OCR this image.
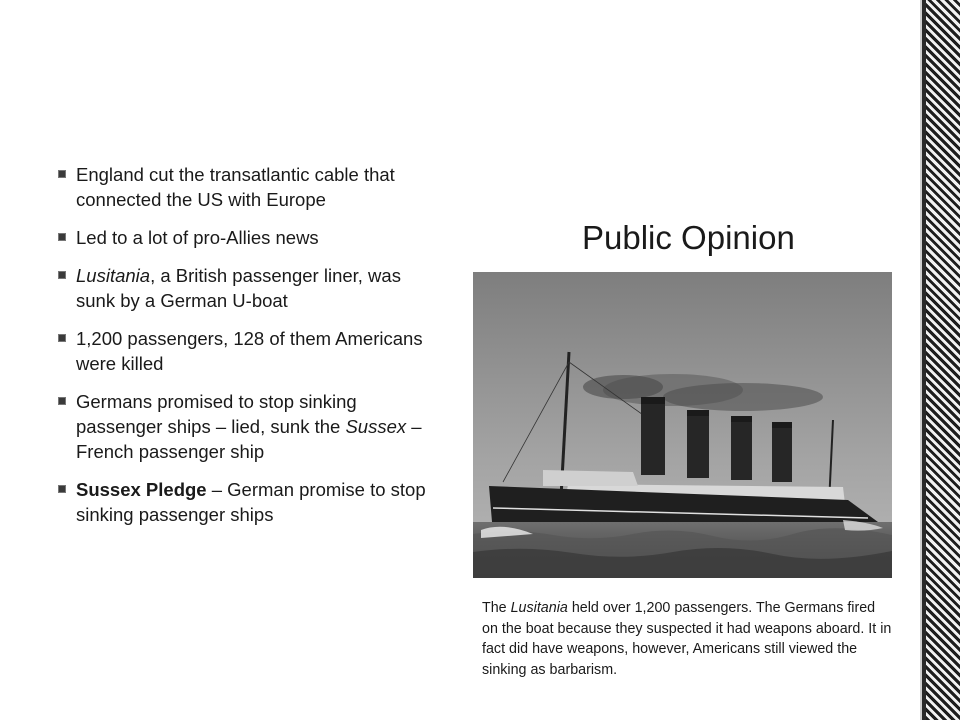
England cut the transatlantic cable that connected the US with Europe
Led to a lot of pro-Allies news
Lusitania, a British passenger liner, was sunk by a German U-boat
1,200 passengers, 128 of them Americans were killed
Germans promised to stop sinking passenger ships – lied, sunk the Sussex – French passenger ship
Sussex Pledge – German promise to stop sinking passenger ships
Public Opinion
The Lusitania held over 1,200 passengers. The Germans fired on the boat because they suspected it had weapons aboard. It in fact did have weapons, however, Americans still viewed the sinking as barbarism.
